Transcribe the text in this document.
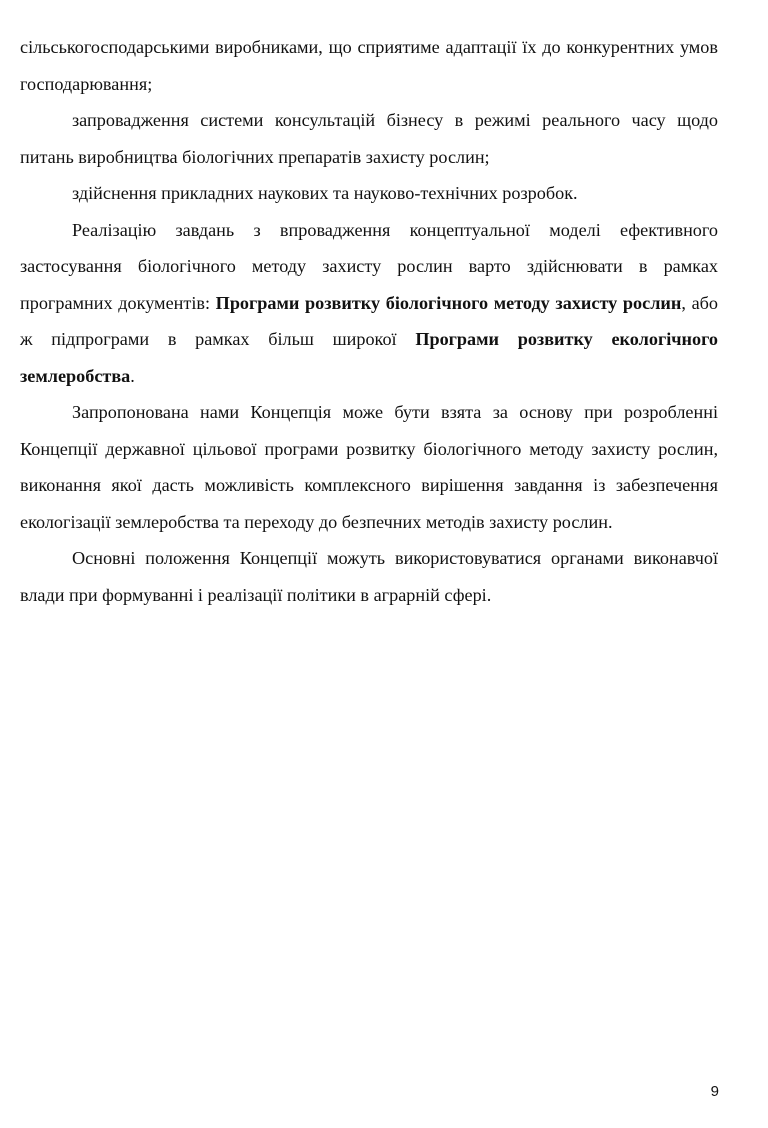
сільськогосподарськими виробниками, що сприятиме адаптації їх до конкурентних умов господарювання;

запровадження системи консультацій бізнесу в режимі реального часу щодо питань виробництва біологічних препаратів захисту рослин;

здійснення прикладних наукових та науково-технічних розробок.

Реалізацію завдань з впровадження концептуальної моделі ефективного застосування біологічного методу захисту рослин варто здійснювати в рамках програмних документів: Програми розвитку біологічного методу захисту рослин, або ж підпрограми в рамках більш широкої Програми розвитку екологічного землеробства.

Запропонована нами Концепція може бути взята за основу при розробленні Концепції державної цільової програми розвитку біологічного методу захисту рослин, виконання якої дасть можливість комплексного вирішення завдання із забезпечення екологізації землеробства та переходу до безпечних методів захисту рослин.

Основні положення Концепції можуть використовуватися органами виконавчої влади при формуванні і реалізації політики в аграрній сфері.

9
